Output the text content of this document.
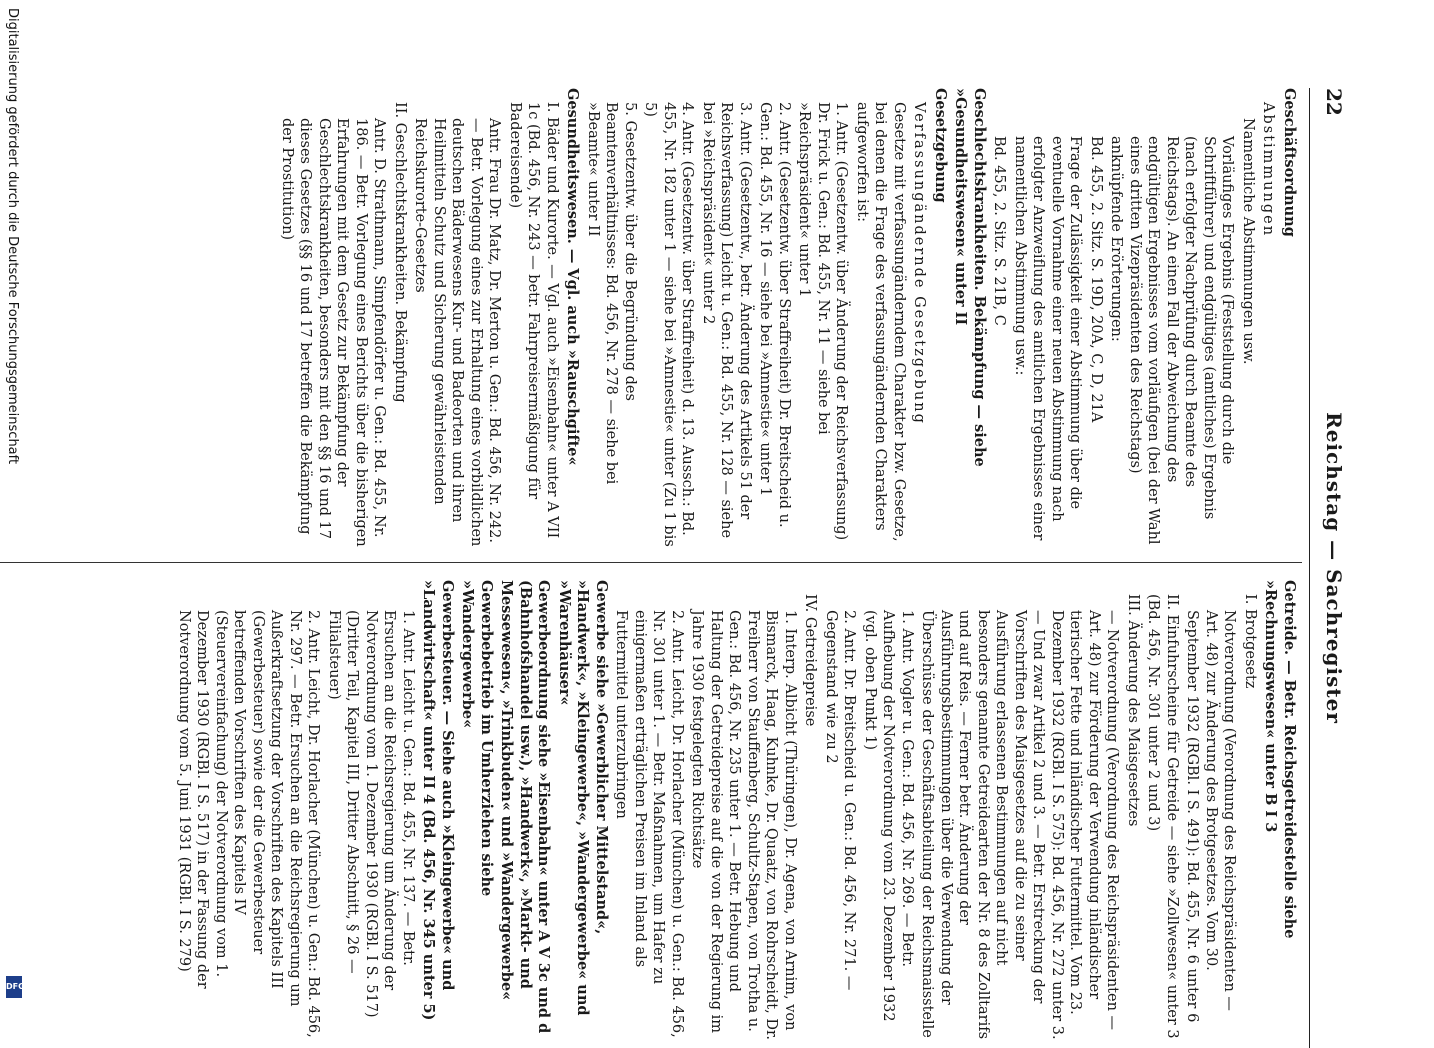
22
Reichstag — Sachregister
Geschäftsordnung
Abstimmungen
Namentliche Abstimmungen usw.
Vorläufiges Ergebnis (Feststellung durch die Schriftführer) und endgültiges (amtliches) Ergebnis (nach erfolgter Nachprüfung durch Beamte des Reichstags). An einen Fall der Abweichung des endgültigen Ergebnisses vom vorläufigen (bei der Wahl eines dritten Vizepräsidenten des Reichstags) anknüpfende Erörterungen:
Bd. 455, 2. Sitz. S. 19D, 20A, C, D, 21A
Frage der Zulässigkeit einer Abstimmung über die eventuelle Vornahme einer neuen Abstimmung nach erfolgter Anzweiflung des amtlichen Ergebnisses einer namentlichen Abstimmung usw.:
Bd. 455, 2. Sitz. S. 21B, C
Geschlechtskrankheiten. Bekämpfung — siehe »Gesundheitswesen« unter II
Gesetzgebung
Verfassungändernde Gesetzgebung
Gesetze mit verfassungänderndem Charakter bzw. Gesetze, bei denen die Frage des verfassungändernden Charakters aufgeworfen ist:
1. Antr. (Gesetzentw. über Änderung der Reichsverfassung) Dr. Frick u. Gen.: Bd. 455, Nr. 11 — siehe bei »Reichspräsident« unter 1
2. Antr. (Gesetzentw. über Straffreiheit) Dr. Breitscheid u. Gen.: Bd. 455, Nr. 16 — siehe bei »Amnestie« unter 1
3. Antr. (Gesetzentw., betr. Änderung des Artikels 51 der Reichsverfassung) Leicht u. Gen.: Bd. 455, Nr. 128 — siehe bei »Reichspräsident« unter 2
4. Antr. (Gesetzentw. über Straffreiheit) d. 13. Aussch.: Bd. 455, Nr. 182 unter 1 — siehe bei »Amnestie« unter (Zu 1 bis 5)
5. Gesetzentw. über die Begründung des Beamtenverhältnisses: Bd. 456, Nr. 278 — siehe bei »Beamte« unter II
Gesundheitswesen. — Vgl. auch »Rauschgifte«
I. Bäder und Kurorte. — Vgl. auch »Eisenbahn« unter A VII 1c (Bd. 456, Nr. 243 — betr. Fahrpreisermäßigung für Badereisende)
Antr. Frau Dr. Matz, Dr. Merton u. Gen.: Bd. 456, Nr. 242. — Betr. Vorlegung eines zur Erhaltung eines vorbildlichen deutschen Bäderwesens Kur- und Badeorten und ihren Heilmitteln Schutz und Sicherung gewährleistenden Reichskurorte-Gesetzes
II. Geschlechtskrankheiten. Bekämpfung
Antr. D. Strathmann, Simpfendörfer u. Gen.: Bd. 455, Nr. 186. — Betr. Vorlegung eines Berichts über die bisherigen Erfahrungen mit dem Gesetz zur Bekämpfung der Geschlechtskrankheiten, besonders mit den §§ 16 und 17 dieses Gesetzes (§§ 16 und 17 betreffen die Bekämpfung der Prostitution)
Getreide. — Betr. Reichsgetreidestelle siehe »Rechnungswesen« unter B I 3
I. Brotgesetz
Notverordnung (Verordnung des Reichspräsidenten — Art. 48) zur Änderung des Brotgesetzes. Vom 30. September 1932 (RGBl. I S. 491): Bd. 455, Nr. 6 unter 6
II. Einfuhrscheine für Getreide — siehe »Zollwesen« unter 3 (Bd. 456, Nr. 301 unter 2 und 3)
III. Änderung des Maisgesetzes
— Notverordnung (Verordnung des Reichspräsidenten — Art. 48) zur Förderung der Verwendung inländischer tierischer Fette und inländischer Futtermittel. Vom 23. Dezember 1932 (RGBl. I S. 575): Bd. 456, Nr. 272 unter 3. — Und zwar Artikel 2 und 3. — Betr. Erstreckung der Vorschriften des Maisgesetzes auf die zu seiner Ausführung erlassenen Bestimmungen auf nicht besonders genannte Getreidearten der Nr. 8 des Zolltarifs und auf Reis. — Ferner betr. Änderung der Ausführungsbestimmungen über die Verwendung der Überschüsse der Geschäftsabteilung der Reichsmaisstelle
1. Antr. Vogler u. Gen.: Bd. 456, Nr. 269. — Betr. Aufhebung der Notverordnung vom 23. Dezember 1932 (vgl. oben Punkt 1)
2. Antr. Dr. Breitscheid u. Gen.: Bd. 456, Nr. 271. — Gegenstand wie zu 2
IV. Getreidepreise
1. Interp. Albicht (Thüringen), Dr. Agena, von Arnim, von Bismarck, Haag, Kuhnke, Dr. Quaatz, von Rohrscheidt, Dr. Freiherr von Stauffenberg, Schultz-Stapen, von Trotha u. Gen.: Bd. 456, Nr. 235 unter 1. — Betr. Hebung und Haltung der Getreidepreise auf die von der Regierung im Jahre 1930 festgelegten Richtsätze
2. Antr. Leicht, Dr. Horlacher (München) u. Gen.: Bd. 456, Nr. 301 unter 1. — Betr. Maßnahmen, um Hafer zu einigermaßen erträglichen Preisen im Inland als Futtermittel unterzubringen
Gewerbe siehe »Gewerblicher Mittelstand«, »Handwerk«, »Kleingewerbe«, »Wandergewerbe« und »Warenhäuser«
Gewerbeordnung siehe »Eisenbahn« unter A V 3c und d (Bahnhofshandel usw.), »Handwerk«, »Markt- und Messewesen«, »Trinkbuden« und »Wandergewerbe«
Gewerbebetrieb im Umherziehen siehe »Wandergewerbe«
Gewerbesteuer. — Siehe auch »Kleingewerbe« und »Landwirtschaft« unter II 4 (Bd. 456, Nr. 345 unter 5)
1. Antr. Leicht u. Gen.: Bd. 455, Nr. 137. — Betr. Ersuchen an die Reichsregierung um Änderung der Notverordnung vom 1. Dezember 1930 (RGBl. I S. 517) (Dritter Teil, Kapitel III, Dritter Abschnitt, § 26 — Filialsteuer)
2. Antr. Leicht, Dr. Horlacher (München) u. Gen.: Bd. 456, Nr. 297. — Betr. Ersuchen an die Reichsregierung um Außerkraftsetzung der Vorschriften des Kapitels III (Gewerbesteuer) sowie der die Gewerbesteuer betreffenden Vorschriften des Kapitels IV (Steuervereinfachung) der Notverordnung vom 1. Dezember 1930 (RGBl. I S. 517) in der Fassung der Notverordnung vom 5. Juni 1931 (RGBl. I S. 279)
Digitalisierung gefördert durch die Deutsche Forschungsgemeinschaft
DFG
